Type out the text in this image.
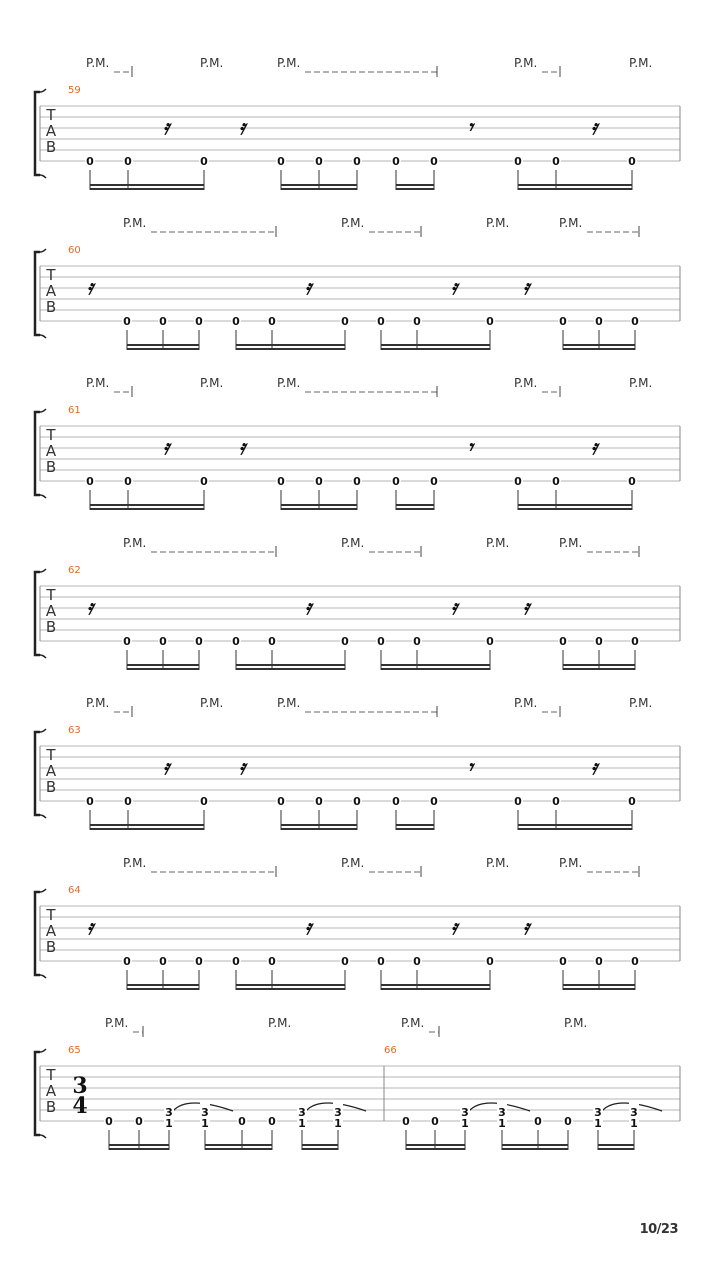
T
A
B
59
P.M.	P.M.	P.M.	P.M.	P.M.
𝄿	𝄿	𝄾	𝄿
0	0	0	0	0	0	0	0	0	0	0
T
A
B
60
P.M.	P.M.	P.M.	P.M.
𝄿	𝄿	𝄿	𝄿
0	0	0	0	0	0	0	0	0	0	0	0
T
A
B
61
P.M.	P.M.	P.M.	P.M.	P.M.
𝄿	𝄿	𝄾	𝄿
0	0	0	0	0	0	0	0	0	0	0
T
A
B
62
P.M.	P.M.	P.M.	P.M.
𝄿	𝄿	𝄿	𝄿
0	0	0	0	0	0	0	0	0	0	0	0
T
A
B
63
P.M.	P.M.	P.M.	P.M.	P.M.
𝄿	𝄿	𝄾	𝄿
0	0	0	0	0	0	0	0	0	0	0
T
A
B
64
P.M.	P.M.	P.M.	P.M.
𝄿	𝄿	𝄿	𝄿
0	0	0	0	0	0	0	0	0	0	0	0
T
A
B
65	66
P.M.	P.M.	P.M.	P.M.
3
4
0 0
3
1
3
1	0 0
3
1
3
1	0 0
3
1
3
1	0 0
3
1
3
1
10/23
